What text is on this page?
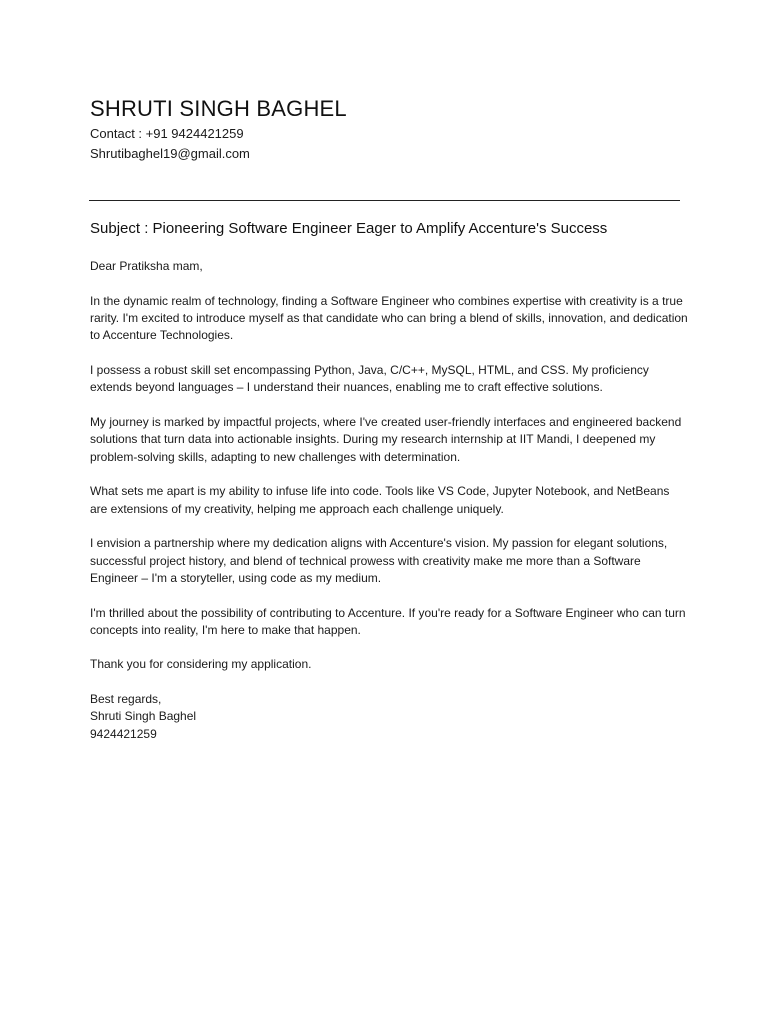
SHRUTI SINGH BAGHEL

Contact : +91 9424421259

Shrutibaghel19@gmail.com

Subject : Pioneering Software Engineer Eager to Amplify Accenture's Success

Dear Pratiksha mam,

In the dynamic realm of technology, finding a Software Engineer who combines expertise with creativity is a true rarity. I'm excited to introduce myself as that candidate who can bring a blend of skills, innovation, and dedication to Accenture Technologies.

I possess a robust skill set encompassing Python, Java, C/C++, MySQL, HTML, and CSS. My proficiency extends beyond languages – I understand their nuances, enabling me to craft effective solutions.

My journey is marked by impactful projects, where I've created user-friendly interfaces and engineered backend solutions that turn data into actionable insights. During my research internship at IIT Mandi, I deepened my problem-solving skills, adapting to new challenges with determination.

What sets me apart is my ability to infuse life into code. Tools like VS Code, Jupyter Notebook, and NetBeans are extensions of my creativity, helping me approach each challenge uniquely.

I envision a partnership where my dedication aligns with Accenture's vision. My passion for elegant solutions, successful project history, and blend of technical prowess with creativity make me more than a Software Engineer – I'm a storyteller, using code as my medium.

I'm thrilled about the possibility of contributing to Accenture. If you're ready for a Software Engineer who can turn concepts into reality, I'm here to make that happen.

Thank you for considering my application.

Best regards,

Shruti Singh Baghel

9424421259
